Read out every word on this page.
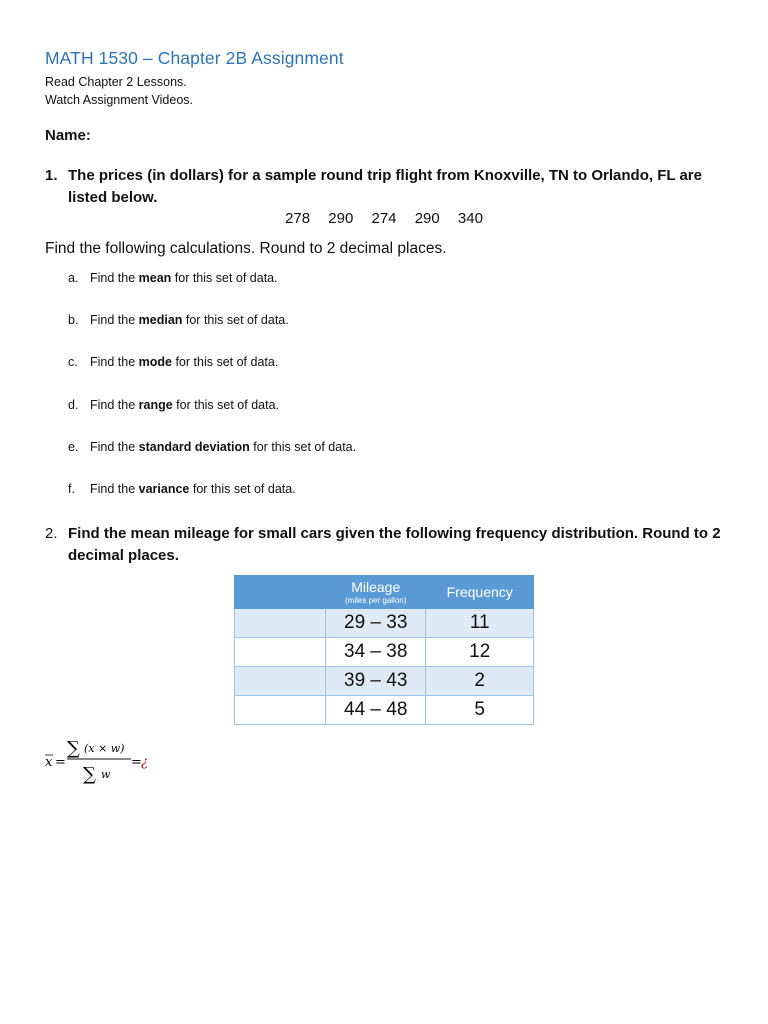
MATH 1530 – Chapter 2B Assignment
Read Chapter 2 Lessons.
Watch Assignment Videos.
Name:
1. The prices (in dollars) for a sample round trip flight from Knoxville, TN to Orlando, FL are listed below.
278 290 274 290 340
Find the following calculations. Round to 2 decimal places.
a. Find the mean for this set of data.
b. Find the median for this set of data.
c. Find the mode for this set of data.
d. Find the range for this set of data.
e. Find the standard deviation for this set of data.
f.	Find the variance for this set of data.
2. Find the mean mileage for small cars given the following frequency distribution. Round to 2 decimal places.

	Mileage
(miles per gallon)	Frequency
	29 – 33	11
	34 – 38	12
	39 – 43	2
	44 – 48	5
x =
∑ (x × w)
∑ w
= ¿
